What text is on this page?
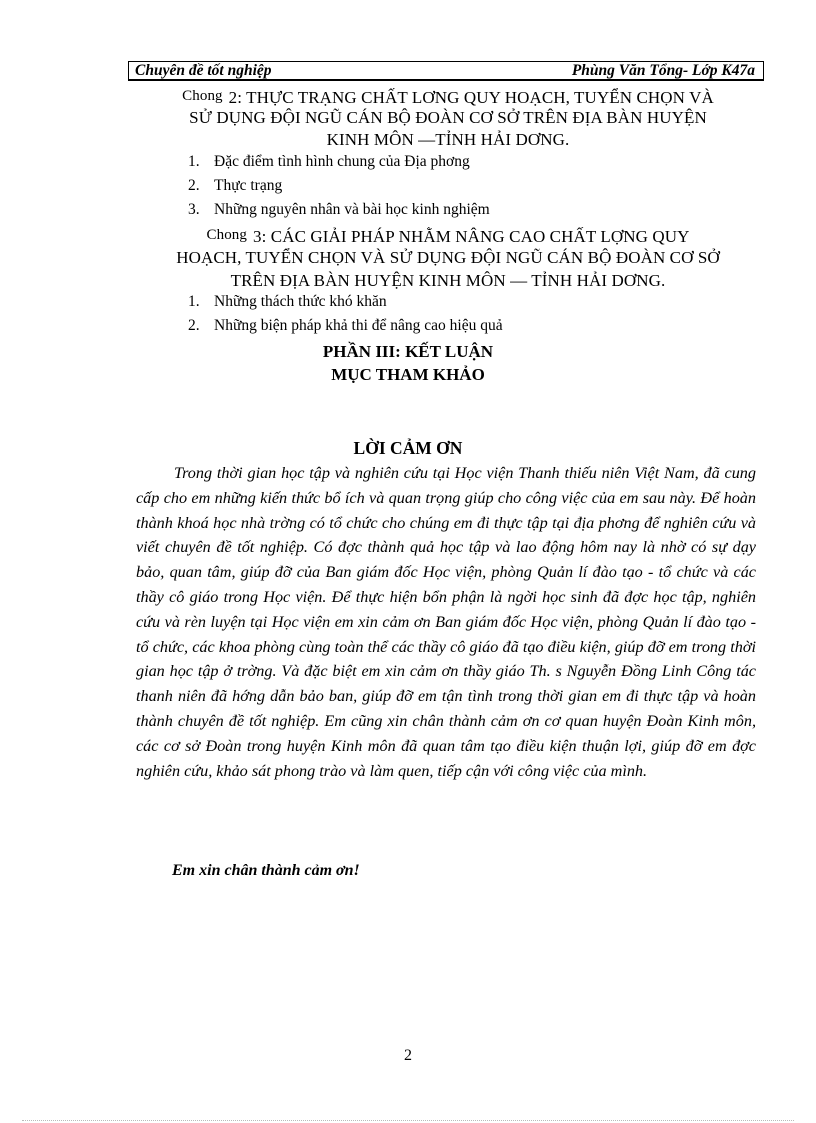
Chuyên đề tốt nghiệp	Phùng Văn Tổng- Lớp K47a
Chong 2: THỰC TRẠNG CHẤT LƠNG QUY HOẠCH, TUYỂN CHỌN VÀ
SỬ DỤNG ĐỘI NGŨ CÁN BỘ ĐOÀN CƠ SỞ TRÊN ĐỊA BÀN HUYỆN
KINH MÔN —TỈNH HẢI DƠNG.
1. Đặc điểm tình hình chung của Địa phơng
2. Thực trạng
3. Những nguyên nhân và bài học kinh nghiệm
Chong 3: CÁC GIẢI PHÁP NHẰM NÂNG CAO CHẤT LỢNG QUY
HOẠCH, TUYỂN CHỌN VÀ SỬ DỤNG ĐỘI NGŨ CÁN BỘ ĐOÀN CƠ SỞ
TRÊN ĐỊA BÀN HUYỆN KINH MÔN — TỈNH HẢI DƠNG.
1. Những thách thức khó khăn
2. Những biện pháp khả thi để nâng cao hiệu quả
PHẦN III: KẾT LUẬN
MỤC THAM KHẢO
LỜI CẢM ƠN

Trong thời gian học tập và nghiên cứu tại Học viện Thanh thiếu niên Việt Nam, đã cung cấp cho em những kiến thức bổ ích và quan trọng giúp cho công việc của em sau này. Để hoàn thành khoá học nhà trờng có tổ chức cho chúng em đi thực tập tại địa phơng để nghiên cứu và viết chuyên đề tốt nghiệp. Có đợc thành quả học tập và lao động hôm nay là nhờ có sự dạy bảo, quan tâm, giúp đỡ của Ban giám đốc Học viện, phòng Quản lí đào tạo - tổ chức và các thầy cô giáo trong Học viện. Để thực hiện bổn phận là ngời học sinh đã đợc học tập, nghiên cứu và rèn luyện tại Học viện em xin cảm ơn Ban giám đốc Học viện, phòng Quản lí đào tạo - tổ chức, các khoa phòng cùng toàn thể các thầy cô giáo đã tạo điều kiện, giúp đỡ em trong thời gian học tập ở trờng. Và đặc biệt em xin cảm ơn thầy giáo Th. s Nguyễn Đồng Linh Công tác thanh niên đã hớng dẫn bảo ban, giúp đỡ em tận tình trong thời gian em đi thực tập và hoàn thành chuyên đề tốt nghiệp. Em cũng xin chân thành cảm ơn cơ quan huyện Đoàn Kinh môn, các cơ sở Đoàn trong huyện Kinh môn đã quan tâm tạo điều kiện thuận lợi, giúp đỡ em đợc nghiên cứu, khảo sát phong trào và làm quen, tiếp cận với công việc của mình.

Em xin chân thành cảm ơn!
2
